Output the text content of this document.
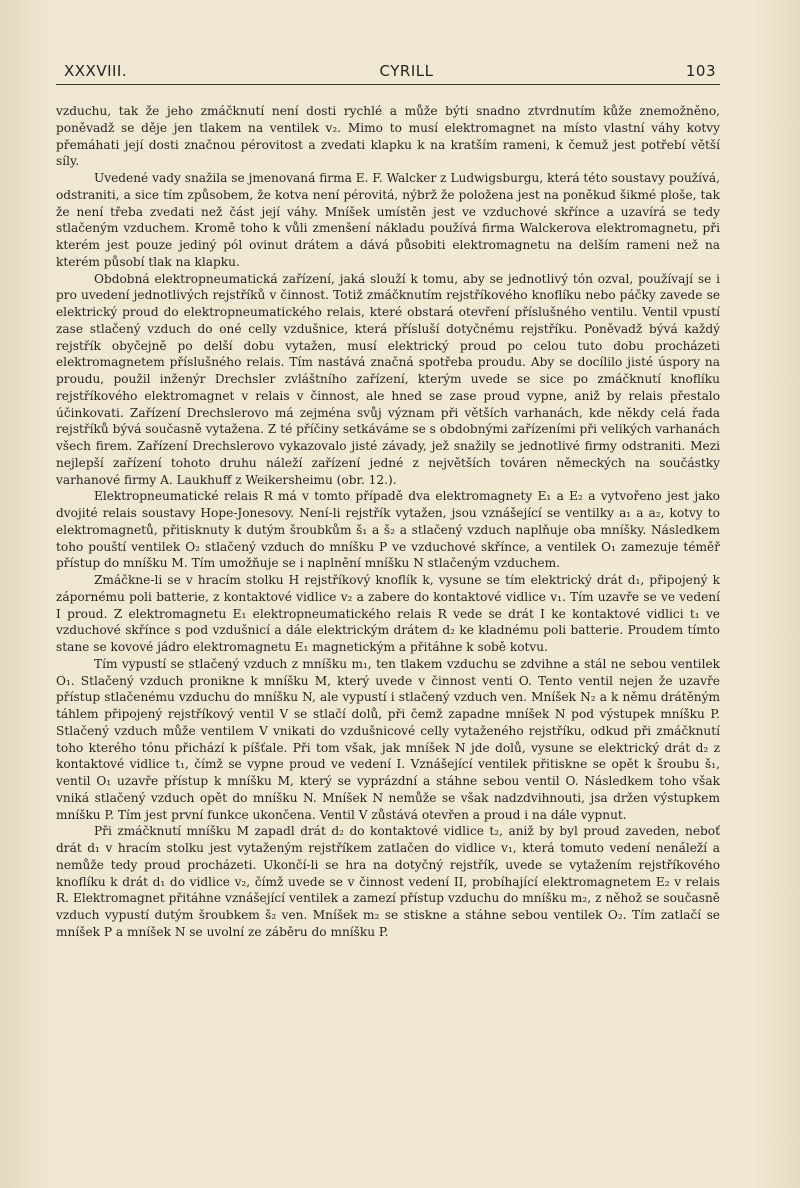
XXXVIII.	CYRILL	103

vzduchu, tak že jeho zmáčknutí není dosti rychlé a může býti snadno ztvrdnutím kůže znemožněno, poněvadž se děje jen tlakem na ventilek v₂. Mimo to musí elektromagnet na místo vlastní váhy kotvy přemáhati její dosti značnou pérovitost a zvedati klapku k na kratším rameni, k čemuž jest potřebí větší síly.

Uvedené vady snažila se jmenovaná firma E. F. Walcker z Ludwigsburgu, která této soustavy používá, odstraniti, a sice tím způsobem, že kotva není pérovitá, nýbrž že položena jest na poněkud šikmé ploše, tak že není třeba zvedati než část její váhy. Mníšek umístěn jest ve vzduchové skřínce a uzavírá se tedy stlačeným vzduchem. Kromě toho k vůli zmenšení nákladu používá firma Walckerova elektromagnetu, při kterém jest pouze jediný pól ovinut drátem a dává působiti elektromagnetu na delším rameni než na kterém působí tlak na klapku.

Obdobná elektropneumatická zařízení, jaká slouží k tomu, aby se jednotlivý tón ozval, používají se i pro uvedení jednotlivých rejstříků v činnost. Totiž zmáčknutím rejstříkového knoflíku nebo páčky zavede se elektrický proud do elektropneumatického relais, které obstará otevření příslušného ventilu. Ventil vpustí zase stlačený vzduch do oné celly vzdušnice, která přísluší dotyčnému rejstříku. Poněvadž bývá každý rejstřík obyčejně po delší dobu vytažen, musí elektrický proud po celou tuto dobu procházeti elektromagnetem příslušného relais. Tím nastává značná spotřeba proudu. Aby se docílilo jisté úspory na proudu, použil inženýr Drechsler zvláštního zařízení, kterým uvede se sice po zmáčknutí knoflíku rejstříkového elektromagnet v relais v činnost, ale hned se zase proud vypne, aniž by relais přestalo účinkovati. Zařízení Drechslerovo má zejména svůj význam při větších varhanách, kde někdy celá řada rejstříků bývá současně vytažena. Z té příčiny setkáváme se s obdobnými zařízeními při velikých varhanách všech firem. Zařízení Drechslerovo vykazovalo jisté závady, jež snažily se jednotlivé firmy odstraniti. Mezi nejlepší zařízení tohoto druhu náleží zařízení jedné z největších továren německých na součástky varhanové firmy A. Laukhuff z Weikersheimu (obr. 12.).

Elektropneumatické relais R má v tomto případě dva elektromagnety E₁ a E₂ a vytvořeno jest jako dvojité relais soustavy Hope-Jonesovy. Není-li rejstřík vytažen, jsou vznášející se ventilky a₁ a a₂, kotvy to elektromagnetů, přitisknuty k dutým šroubkům š₁ a š₂ a stlačený vzduch naplňuje oba mníšky. Následkem toho pouští ventilek O₂ stlačený vzduch do mníšku P ve vzduchové skřínce, a ventilek O₁ zamezuje téměř přístup do mníšku M. Tím umožňuje se i naplnění mníšku N stlačeným vzduchem.

Zmáčkne-li se v hracím stolku H rejstříkový knoflík k, vysune se tím elektrický drát d₁, připojený k zápornému poli batterie, z kontaktové vidlice v₂ a zabere do kontaktové vidlice v₁. Tím uzavře se ve vedení I proud. Z elektromagnetu E₁ elektropneumatického relais R vede se drát I ke kontaktové vidlici t₁ ve vzduchové skřínce s pod vzdušnicí a dále elektrickým drátem d₂ ke kladnému poli batterie. Proudem tímto stane se kovové jádro elektromagnetu E₁ magnetickým a přitáhne k sobě kotvu.

Tím vypustí se stlačený vzduch z mníšku m₁, ten tlakem vzduchu se zdvihne a stál ne sebou ventilek O₁. Stlačený vzduch pronikne k mníšku M, který uvede v činnost venti O. Tento ventil nejen že uzavře přístup stlačenému vzduchu do mníšku N, ale vypustí i stlačený vzduch ven. Mníšek N₂ a k němu drátěným táhlem připojený rejstříkový ventil V se stlačí dolů, při čemž zapadne mníšek N pod výstupek mníšku P. Stlačený vzduch může ventilem V vnikati do vzdušnicové celly vytaženého rejstříku, odkud při zmáčknutí toho kterého tónu přichází k píšťale. Při tom však, jak mníšek N jde dolů, vysune se elektrický drát d₂ z kontaktové vidlice t₁, čímž se vypne proud ve vedení I. Vznášející ventilek přitiskne se opět k šroubu š₁, ventil O₁ uzavře přístup k mníšku M, který se vyprázdní a stáhne sebou ventil O. Následkem toho však vniká stlačený vzduch opět do mníšku N. Mníšek N nemůže se však nadzdvihnouti, jsa držen výstupkem mníšku P. Tím jest první funkce ukončena. Ventil V zůstává otevřen a proud i na dále vypnut.

Při zmáčknutí mníšku M zapadl drát d₂ do kontaktové vidlice t₂, aniž by byl proud zaveden, neboť drát d₁ v hracím stolku jest vytaženým rejstříkem zatlačen do vidlice v₁, která tomuto vedení nenáleží a nemůže tedy proud procházeti. Ukončí-li se hra na dotyčný rejstřík, uvede se vytažením rejstříkového knoflíku k drát d₁ do vidlice v₂, čímž uvede se v činnost vedení II, probíhající elektromagnetem E₂ v relais R. Elektromagnet přitáhne vznášející ventilek a zamezí přístup vzduchu do mníšku m₂, z něhož se současně vzduch vypustí dutým šroubkem š₂ ven. Mníšek m₂ se stiskne a stáhne sebou ventilek O₂. Tím zatlačí se mníšek P a mníšek N se uvolní ze záběru do mníšku P.
